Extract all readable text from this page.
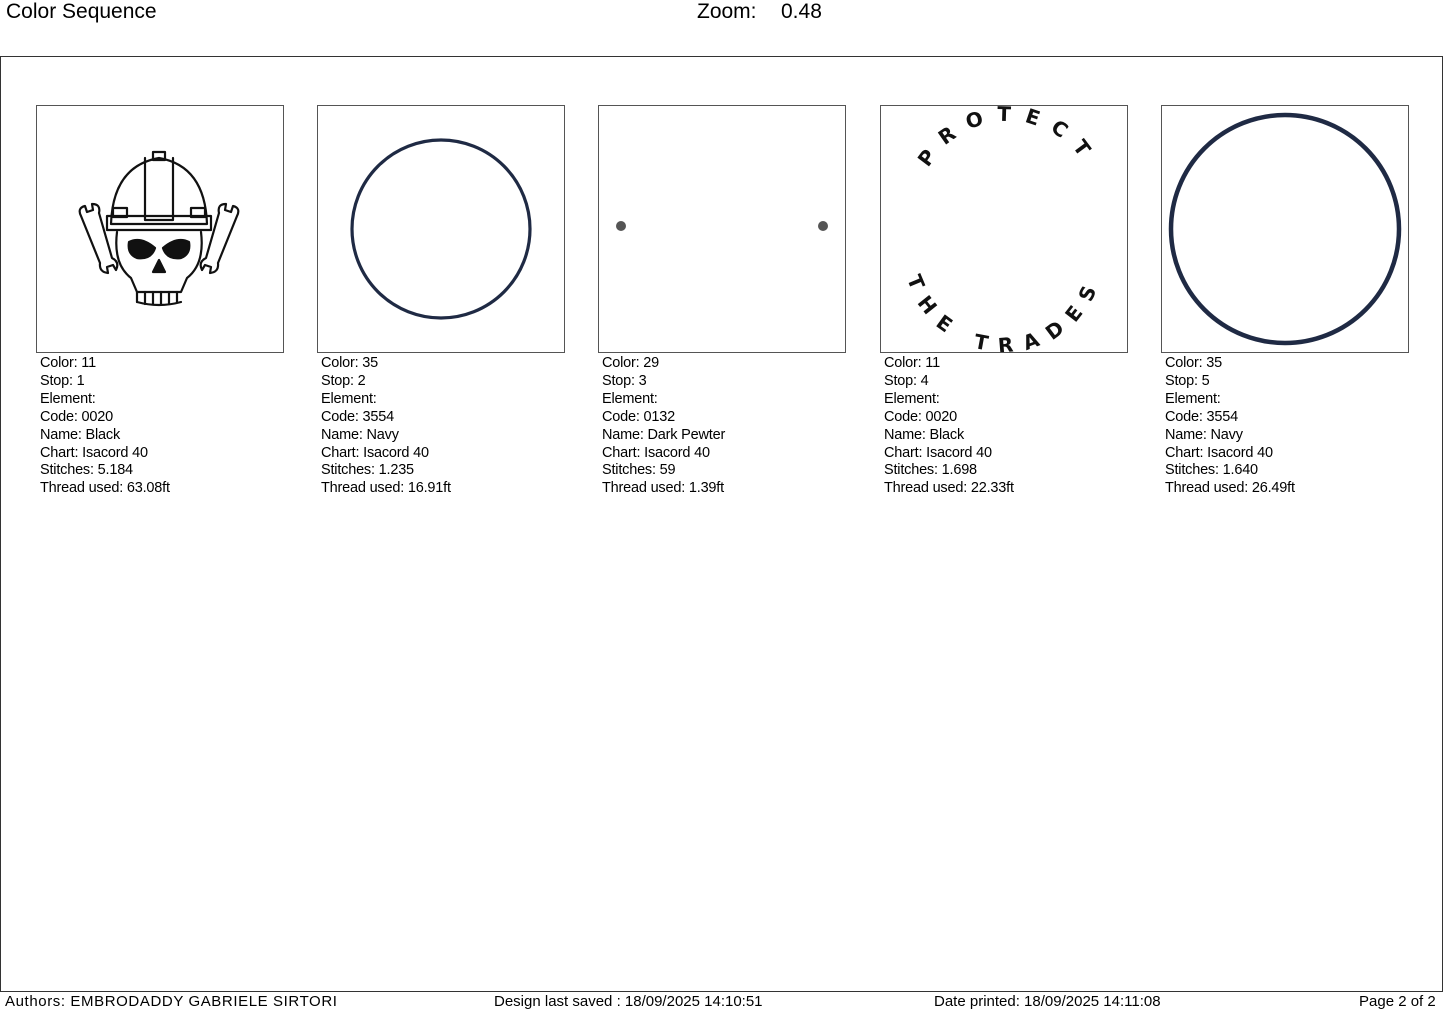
Color Sequence	Zoom: 0.48
Color: 11
Stop: 1
Element:
Code: 0020
Name: Black
Chart: Isacord 40
Stitches: 5.184
Thread used: 63.08ft
Color: 35
Stop: 2
Element:
Code: 3554
Name: Navy
Chart: Isacord 40
Stitches: 1.235
Thread used: 16.91ft
Color: 29
Stop: 3
Element:
Code: 0132
Name: Dark Pewter
Chart: Isacord 40
Stitches: 59
Thread used: 1.39ft
PROTECT
THE TRADES
Color: 11
Stop: 4
Element:
Code: 0020
Name: Black
Chart: Isacord 40
Stitches: 1.698
Thread used: 22.33ft
Color: 35
Stop: 5
Element:
Code: 3554
Name: Navy
Chart: Isacord 40
Stitches: 1.640
Thread used: 26.49ft
Authors: EMBRODADDY GABRIELE SIRTORI	Design last saved : 18/09/2025 14:10:51	Date printed: 18/09/2025 14:11:08	Page 2 of 2
